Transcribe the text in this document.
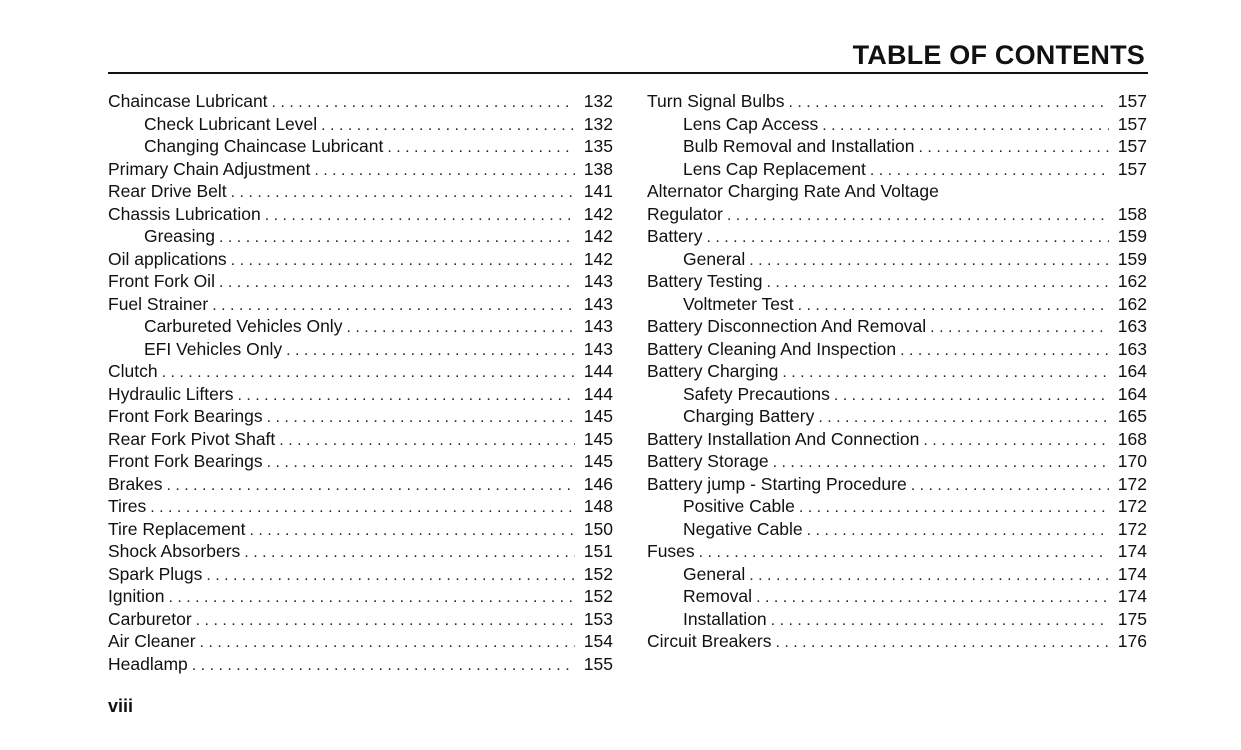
TABLE OF CONTENTS
Chaincase Lubricant . . .	132
Check Lubricant Level . . .	132
Changing Chaincase Lubricant . . .	135
Primary Chain Adjustment . . .	138
Rear Drive Belt . . .	141
Chassis Lubrication . . .	142
Greasing . . .	142
Oil applications . . .	142
Front Fork Oil . . .	143
Fuel Strainer . . .	143
Carbureted Vehicles Only . . .	143
EFI Vehicles Only . . .	143
Clutch . . .	144
Hydraulic Lifters . . .	144
Front Fork Bearings . . .	145
Rear Fork Pivot Shaft . . .	145
Front Fork Bearings . . .	145
Brakes . . .	146
Tires . . .	148
Tire Replacement . . .	150
Shock Absorbers . . .	151
Spark Plugs . . .	152
Ignition . . .	152
Carburetor . . .	153
Air Cleaner . . .	154
Headlamp . . .	155
Turn Signal Bulbs . . .	157
Lens Cap Access . . .	157
Bulb Removal and Installation . . .	157
Lens Cap Replacement . . .	157
Alternator Charging Rate And Voltage
Regulator . . .	158
Battery . . .	159
General . . .	159
Battery Testing . . .	162
Voltmeter Test . . .	162
Battery Disconnection And Removal . . .	163
Battery Cleaning And Inspection . . .	163
Battery Charging . . .	164
Safety Precautions . . .	164
Charging Battery . . .	165
Battery Installation And Connection . . .	168
Battery Storage . . .	170
Battery jump - Starting Procedure . . .	172
Positive Cable . . .	172
Negative Cable . . .	172
Fuses . . .	174
General . . .	174
Removal . . .	174
Installation . . .	175
Circuit Breakers . . .	176

viii
